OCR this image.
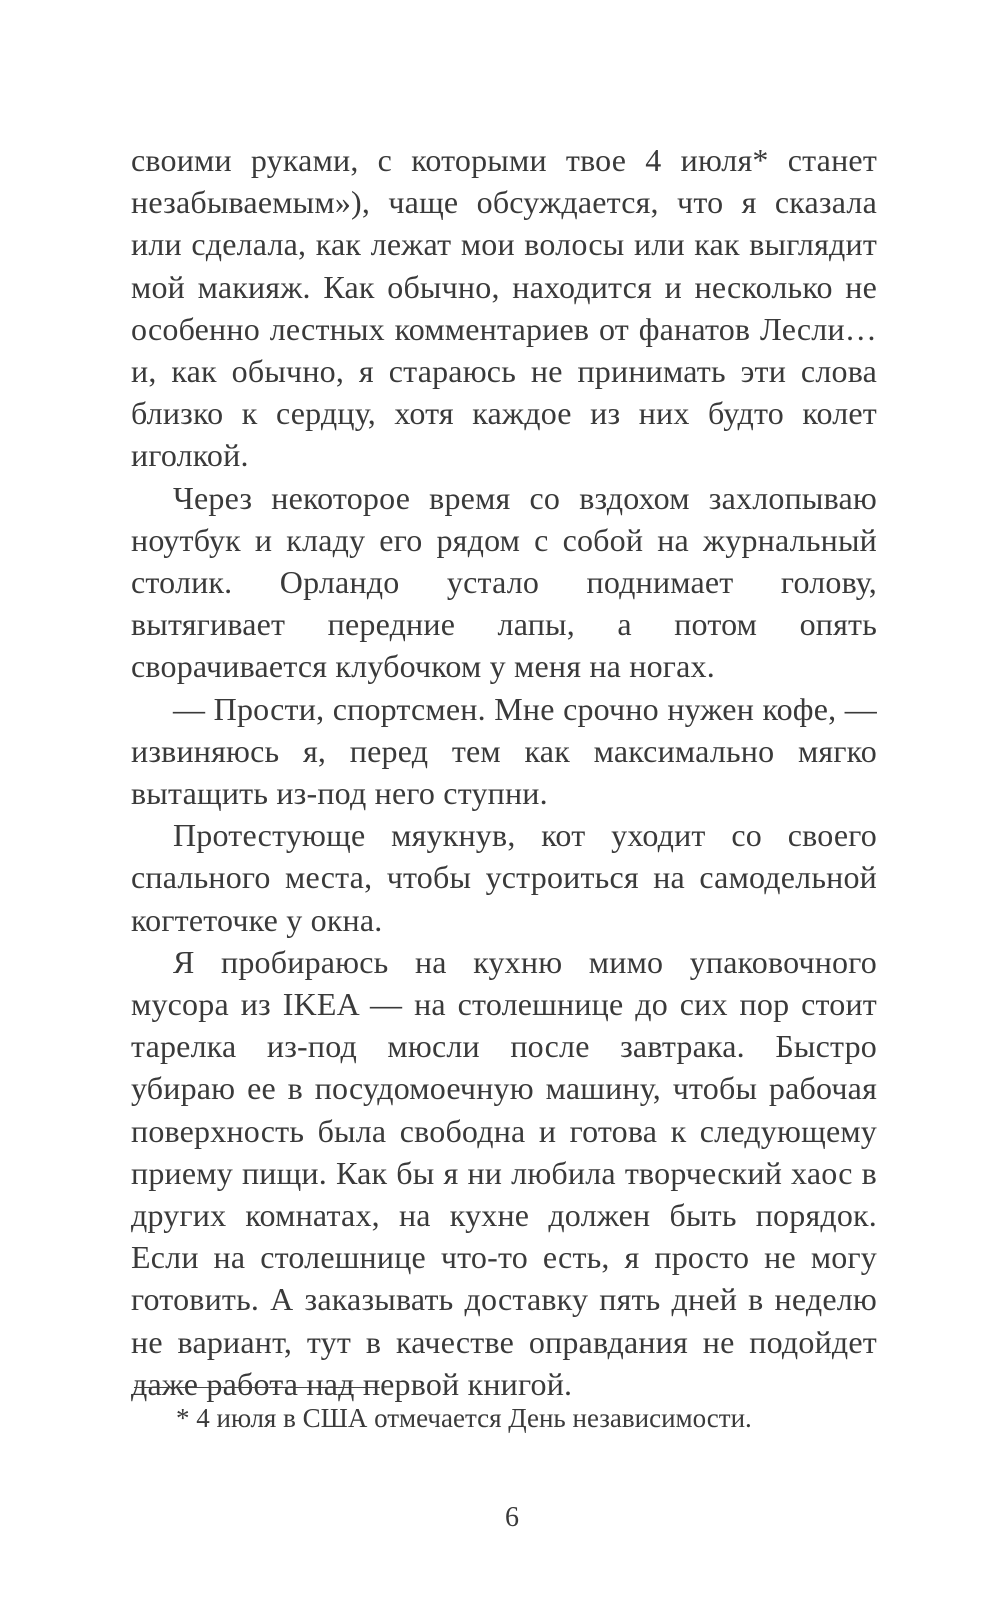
своими руками, с которыми твое 4 июля* станет незабываемым»), чаще обсуждается, что я сказала или сделала, как лежат мои волосы или как выглядит мой макияж. Как обычно, находится и несколько не особенно лестных комментариев от фанатов Лесли… и, как обычно, я стараюсь не принимать эти слова близко к сердцу, хотя каждое из них будто колет иголкой.

Через некоторое время со вздохом захлопываю ноутбук и кладу его рядом с собой на журнальный столик. Орландо устало поднимает голову, вытягивает передние лапы, а потом опять сворачивается клубочком у меня на ногах.

— Прости, спортсмен. Мне срочно нужен кофе, — извиняюсь я, перед тем как максимально мягко вытащить из-под него ступни.

Протестующе мяукнув, кот уходит со своего спального места, чтобы устроиться на самодельной когтеточке у окна.

Я пробираюсь на кухню мимо упаковочного мусора из IKEA — на столешнице до сих пор стоит тарелка из-под мюсли после завтрака. Быстро убираю ее в посудомоечную машину, чтобы рабочая поверхность была свободна и готова к следующему приему пищи. Как бы я ни любила творческий хаос в других комнатах, на кухне должен быть порядок. Если на столешнице что-то есть, я просто не могу готовить. А заказывать доставку пять дней в неделю не вариант, тут в качестве оправдания не подойдет даже работа над первой книгой.

* 4 июля в США отмечается День независимости.
6
